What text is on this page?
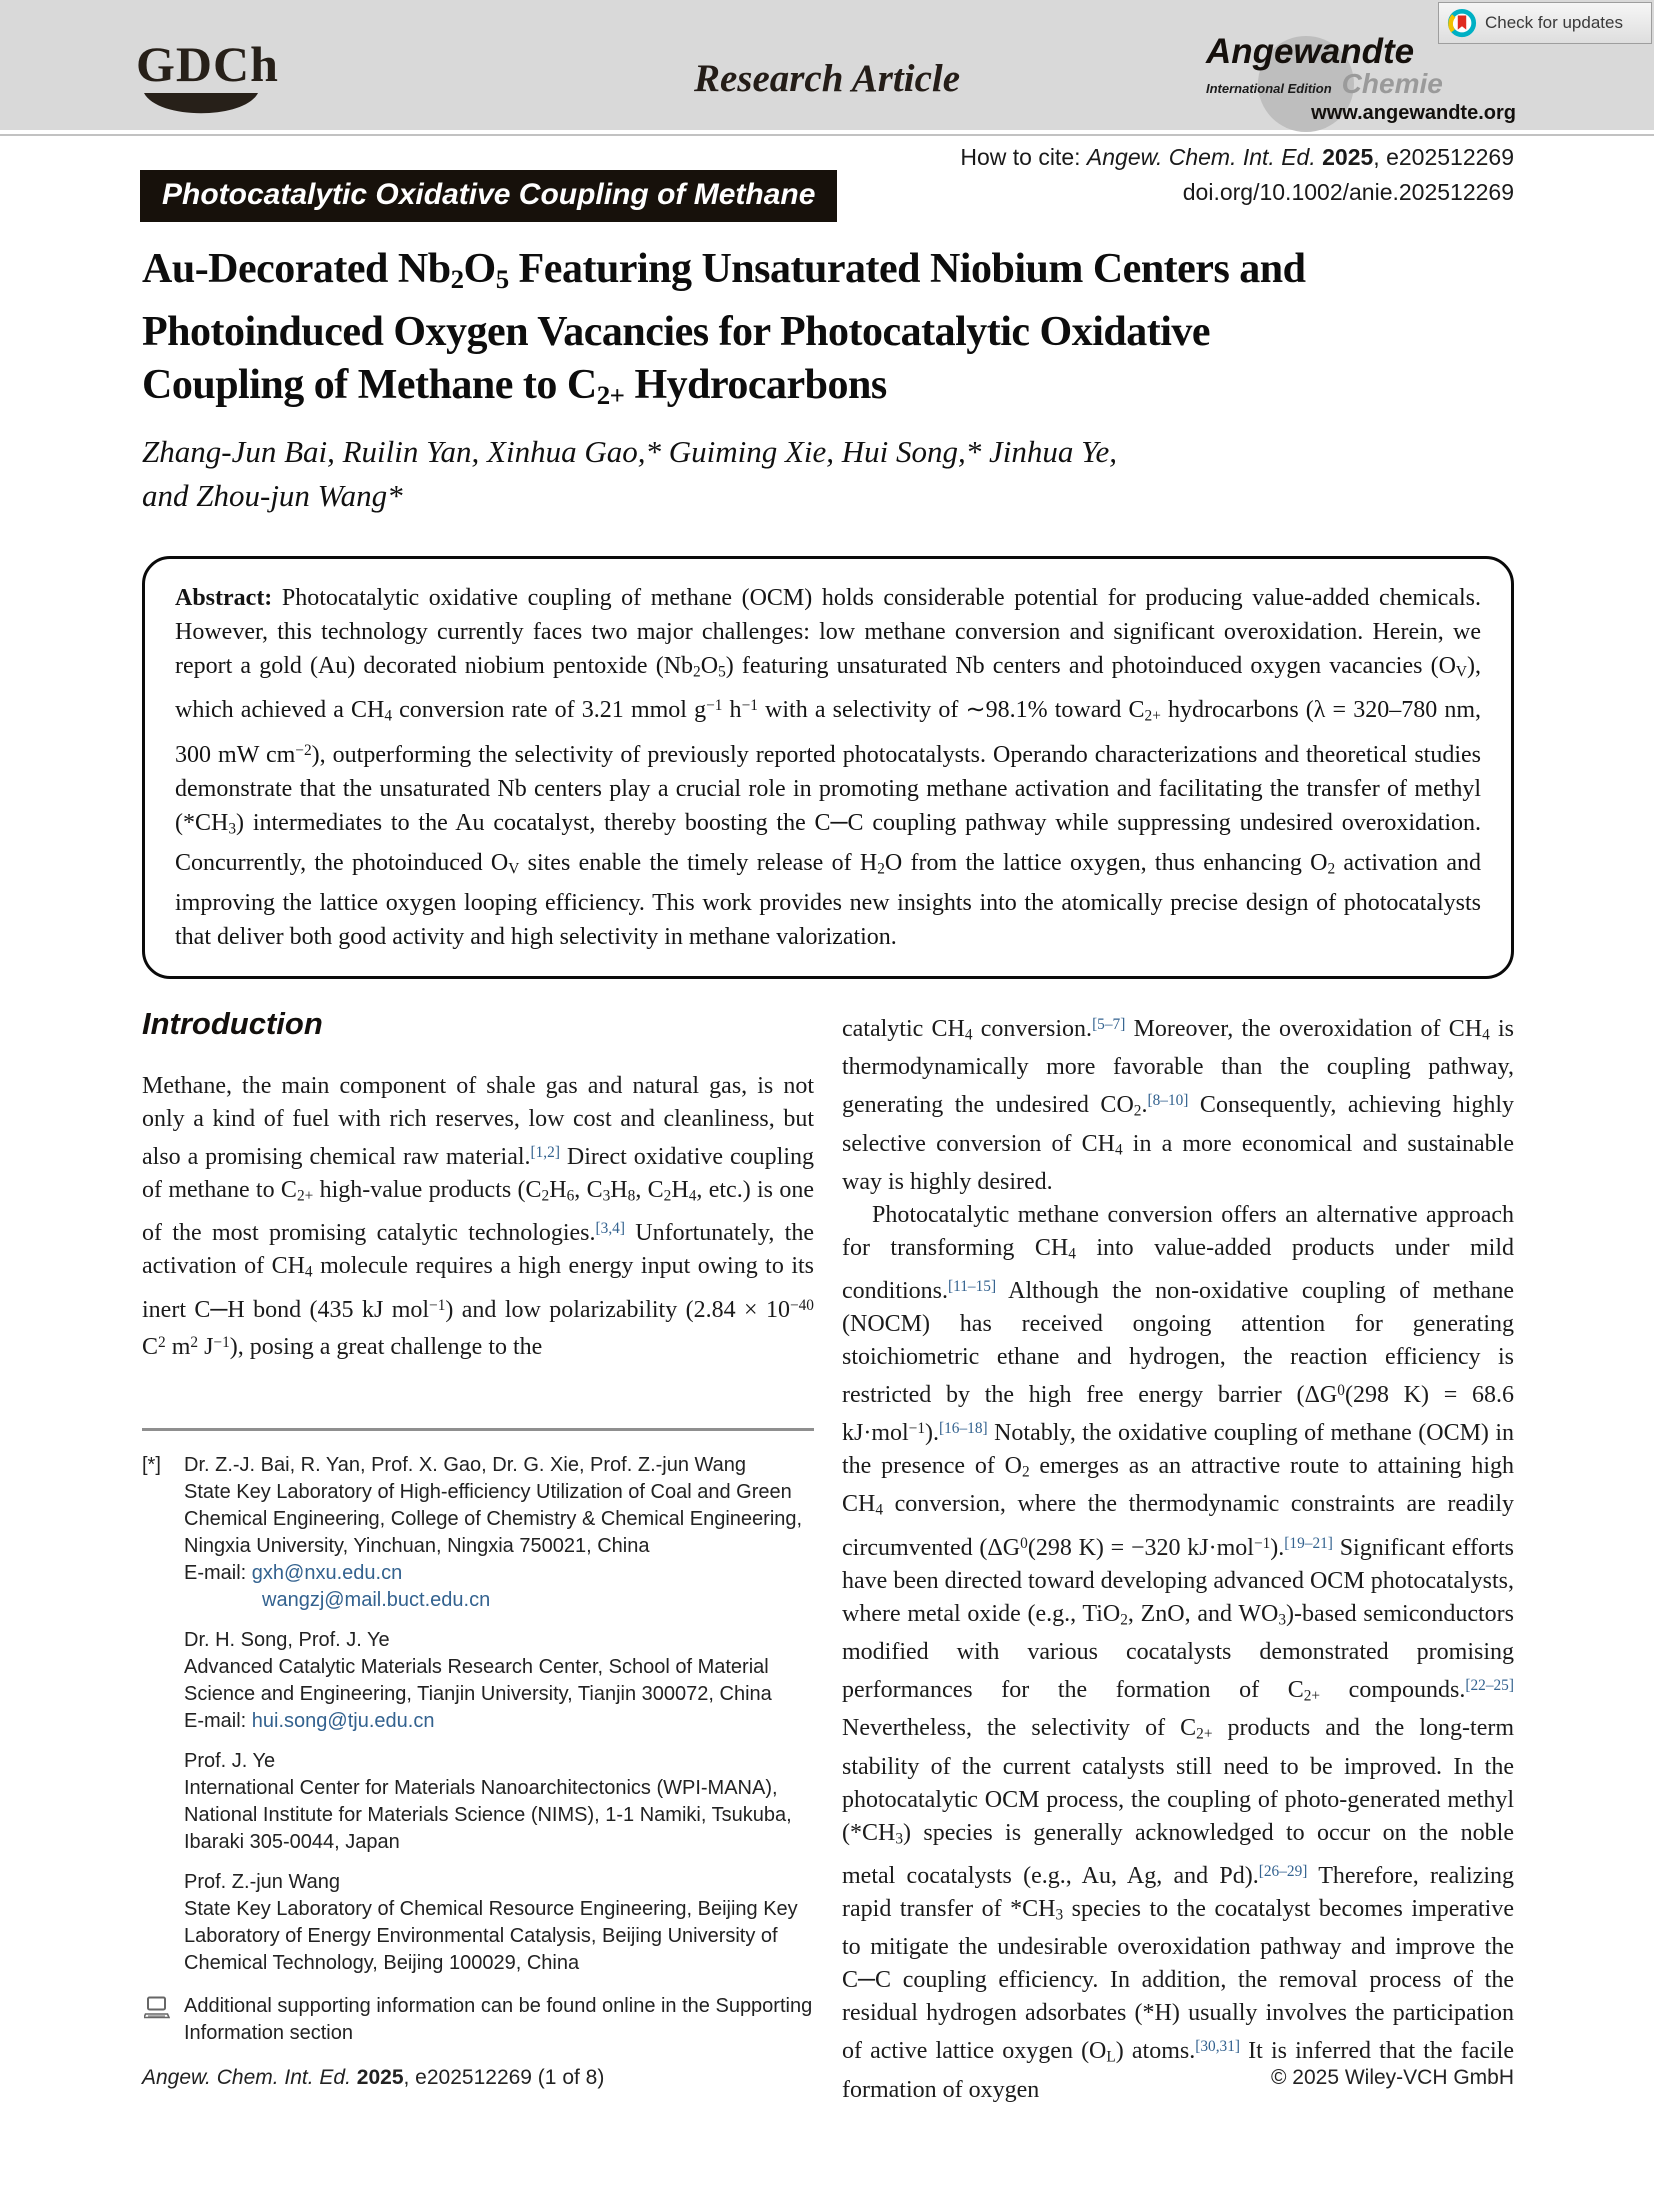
GDCh	Research Article
Angewandte
International Edition Chemie
www.angewandte.org
Check for updates
How to cite: Angew. Chem. Int. Ed. 2025, e202512269
doi.org/10.1002/anie.202512269
Photocatalytic Oxidative Coupling of Methane
Au-Decorated $Nb_2O_5$ Featuring Unsaturated Niobium Centers and
Photoinduced Oxygen Vacancies for Photocatalytic Oxidative
Coupling of Methane to $C_{2+}$ Hydrocarbons
Zhang-Jun Bai, Ruilin Yan, Xinhua Gao,* Guiming Xie, Hui Song,* Jinhua Ye,
and Zhou-jun Wang*
Abstract: Photocatalytic oxidative coupling of methane (OCM) holds considerable potential for producing value-added chemicals. However, this technology currently faces two major challenges: low methane conversion and significant overoxidation. Herein, we report a gold (Au) decorated niobium pentoxide $(Nb_2O_5)$ featuring unsaturated Nb centers and photoinduced oxygen vacancies $(O_V)$, which achieved a $CH_4$ conversion rate of 3.21 mmol $g^{-1}$ $h^{-1}$ with a selectivity of ∼98.1% toward $C_{2+}$ hydrocarbons (λ = 320–780 nm, 300 mW $cm^{-2}$), outperforming the selectivity of previously reported photocatalysts. Operando characterizations and theoretical studies demonstrate that the unsaturated Nb centers play a crucial role in promoting methane activation and facilitating the transfer of methyl $(*CH_3)$ intermediates to the Au cocatalyst, thereby boosting the C─C coupling pathway while suppressing undesired overoxidation. Concurrently, the photoinduced $O_V$ sites enable the timely release of $H_2O$ from the lattice oxygen, thus enhancing $O_2$ activation and improving the lattice oxygen looping efficiency. This work provides new insights into the atomically precise design of photocatalysts that deliver both good activity and high selectivity in methane valorization.
Introduction
Methane, the main component of shale gas and natural gas, is not only a kind of fuel with rich reserves, low cost and cleanliness, but also a promising chemical raw material.[1,2] Direct oxidative coupling of methane to $C_{2+}$ high-value products ($C_2H_6$, $C_3H_8$, $C_2H_4$, etc.) is one of the most promising catalytic technologies.[3,4] Unfortunately, the activation of $CH_4$ molecule requires a high energy input owing to its inert C─H bond (435 kJ mol$^{-1}$) and low polarizability ($2.84 \times 10^{-40}$ $C^2$ $m^2$ $J^{-1}$), posing a great challenge to the
[*] Dr. Z.-J. Bai, R. Yan, Prof. X. Gao, Dr. G. Xie, Prof. Z.-jun Wang
State Key Laboratory of High-efficiency Utilization of Coal and Green Chemical Engineering, College of Chemistry & Chemical Engineering, Ningxia University, Yinchuan, Ningxia 750021, China
E-mail: gxh@nxu.edu.cn
wangzj@mail.buct.edu.cn
Dr. H. Song, Prof. J. Ye
Advanced Catalytic Materials Research Center, School of Material Science and Engineering, Tianjin University, Tianjin 300072, China
E-mail: hui.song@tju.edu.cn
Prof. J. Ye
International Center for Materials Nanoarchitectonics (WPI-MANA), National Institute for Materials Science (NIMS), 1-1 Namiki, Tsukuba, Ibaraki 305-0044, Japan
Prof. Z.-jun Wang
State Key Laboratory of Chemical Resource Engineering, Beijing Key Laboratory of Energy Environmental Catalysis, Beijing University of Chemical Technology, Beijing 100029, China
Additional supporting information can be found online in the Supporting Information section

catalytic $CH_4$ conversion.[5–7] Moreover, the overoxidation of $CH_4$ is thermodynamically more favorable than the coupling pathway, generating the undesired $CO_2.[8-10]$ Consequently, achieving highly selective conversion of $CH_4$ in a more economical and sustainable way is highly desired.

Photocatalytic methane conversion offers an alternative approach for transforming $CH_4$ into value-added products under mild conditions.[11–15] Although the non-oxidative coupling of methane (NOCM) has received ongoing attention for generating stoichiometric ethane and hydrogen, the reaction efficiency is restricted by the high free energy barrier ($\Delta G^0(298$ K) = 68.6 kJ·mol$^{-1}$).[16–18] Notably, the oxidative coupling of methane (OCM) in the presence of $O_2$ emerges as an attractive route to attaining high $CH_4$ conversion, where the thermodynamic constraints are readily circumvented ($\Delta G^0(298$ K) = −320 kJ·mol$^{-1}$).[19–21] Significant efforts have been directed toward developing advanced OCM photocatalysts, where metal oxide (e.g., TiO$_2$, ZnO, and $WO_3$)-based semiconductors modified with various cocatalysts demonstrated promising performances for the formation of $C_{2+}$ compounds.[22–25] Nevertheless, the selectivity of $C_{2+}$ products and the long-term stability of the current catalysts still need to be improved. In the photocatalytic OCM process, the coupling of photo-generated methyl $(*CH_3)$ species is generally acknowledged to occur on the noble metal cocatalysts (e.g., Au, Ag, and Pd).[26–29] Therefore, realizing rapid transfer of $*CH_3$ species to the cocatalyst becomes imperative to mitigate the undesirable overoxidation pathway and improve the C─C coupling efficiency. In addition, the removal process of the residual hydrogen adsorbates (*H) usually involves the participation of active lattice oxygen $(O_L)$ atoms.[30,31] It is inferred that the facile formation of oxygen

Angew. Chem. Int. Ed. 2025, e202512269 (1 of 8)	© 2025 Wiley-VCH GmbH
